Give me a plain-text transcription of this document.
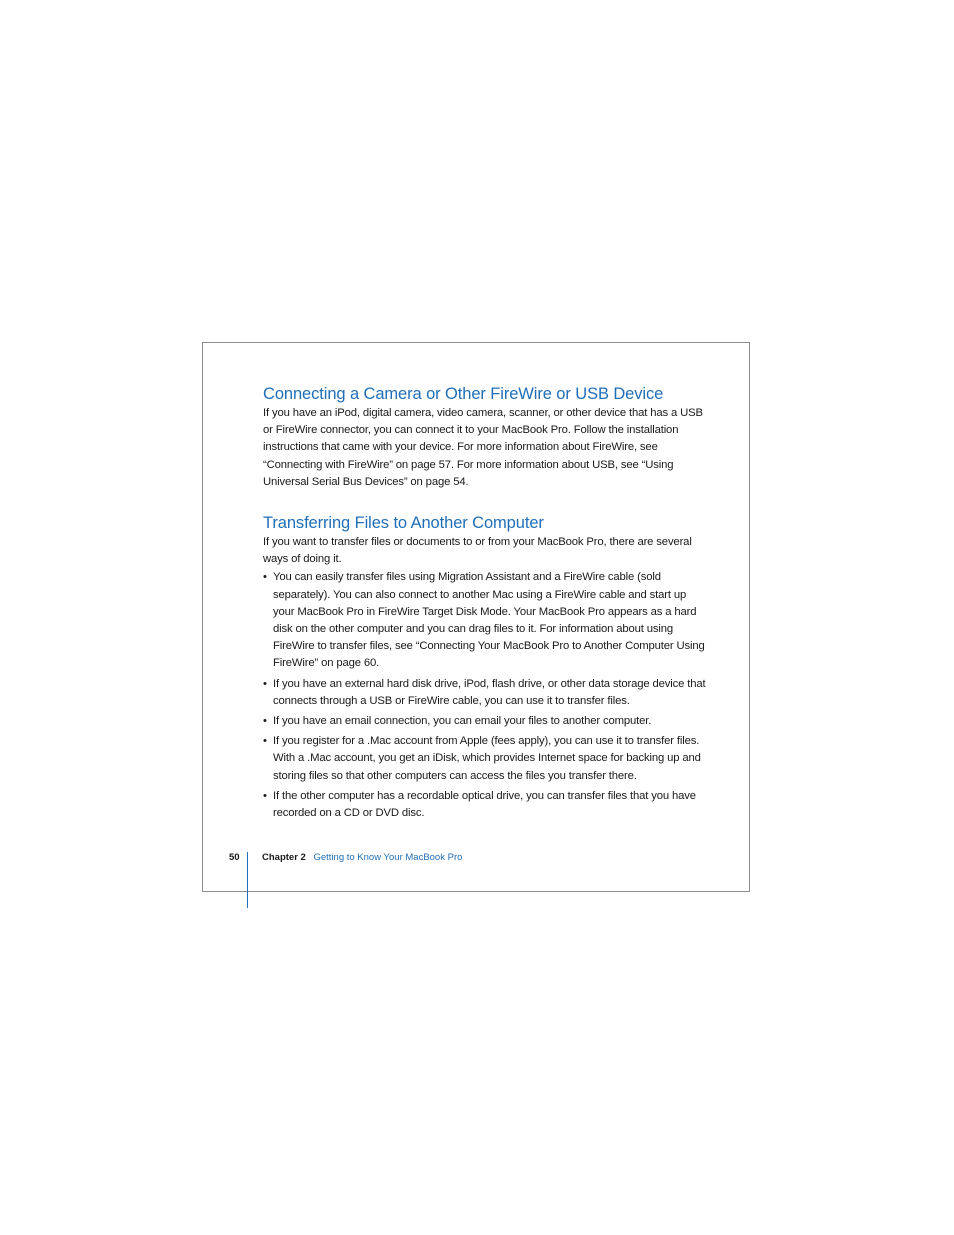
Connecting a Camera or Other FireWire or USB Device

If you have an iPod, digital camera, video camera, scanner, or other device that has a USB or FireWire connector, you can connect it to your MacBook Pro. Follow the installation instructions that came with your device. For more information about FireWire, see “Connecting with FireWire” on page 57. For more information about USB, see “Using Universal Serial Bus Devices” on page 54.

Transferring Files to Another Computer

If you want to transfer files or documents to or from your MacBook Pro, there are several ways of doing it.

• You can easily transfer files using Migration Assistant and a FireWire cable (sold separately). You can also connect to another Mac using a FireWire cable and start up your MacBook Pro in FireWire Target Disk Mode. Your MacBook Pro appears as a hard disk on the other computer and you can drag files to it. For information about using FireWire to transfer files, see “Connecting Your MacBook Pro to Another Computer Using FireWire” on page 60.
• If you have an external hard disk drive, iPod, flash drive, or other data storage device that connects through a USB or FireWire cable, you can use it to transfer files.
• If you have an email connection, you can email your files to another computer.
• If you register for a .Mac account from Apple (fees apply), you can use it to transfer files. With a .Mac account, you get an iDisk, which provides Internet space for backing up and storing files so that other computers can access the files you transfer there.
• If the other computer has a recordable optical drive, you can transfer files that you have recorded on a CD or DVD disc.
50 Chapter 2 Getting to Know Your MacBook Pro
